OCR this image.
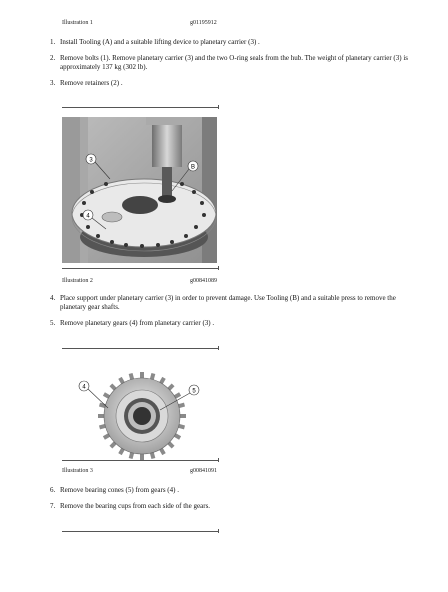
Illustration 1	g01195912
1. Install Tooling (A) and a suitable lifting device to planetary carrier (3) .
2. Remove bolts (1). Remove planetary carrier (3) and the two O-ring seals from the hub. The weight of planetary carrier (3) is approximately 137 kg (302 lb).
3. Remove retainers (2) .
3
B
4
Illustration 2	g00841089
4. Place support under planetary carrier (3) in order to prevent damage. Use Tooling (B) and a suitable press to remove the planetary gear shafts.
5. Remove planetary gears (4) from planetary carrier (3) .
4
5
Illustration 3	g00841091
6. Remove bearing cones (5) from gears (4) .
7. Remove the bearing cups from each side of the gears.
